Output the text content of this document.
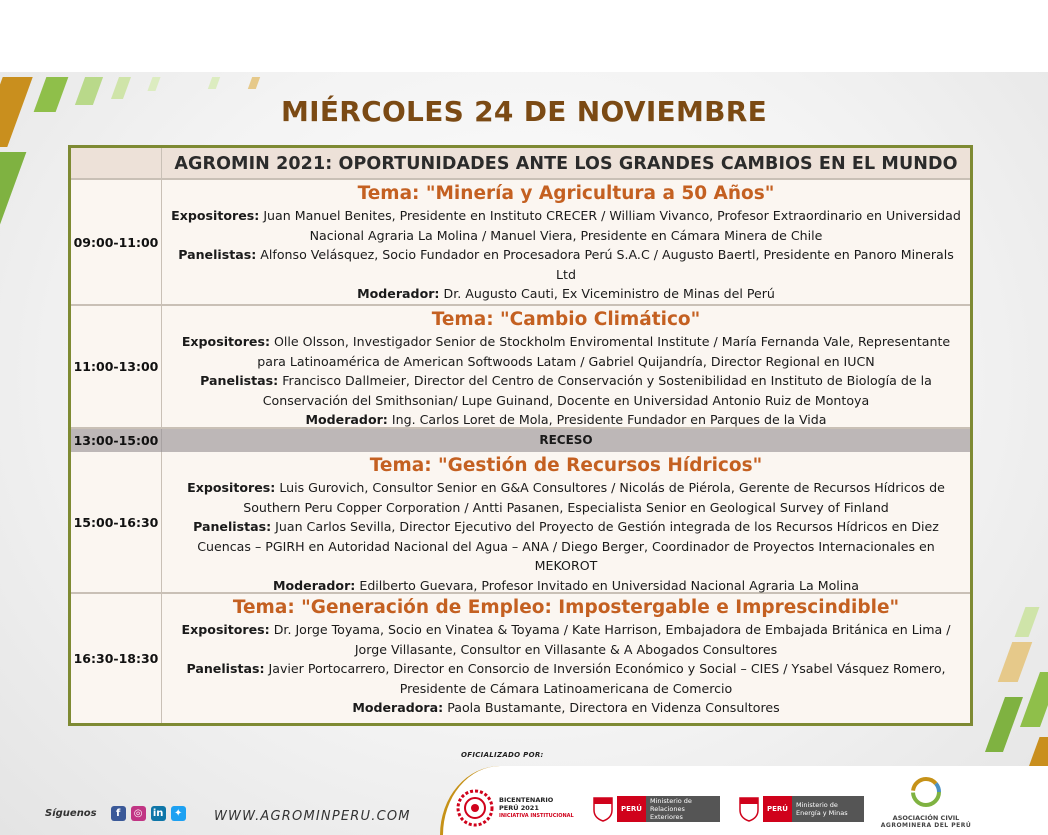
MIÉRCOLES 24 DE NOVIEMBRE
AGROMIN 2021: OPORTUNIDADES ANTE LOS GRANDES CAMBIOS EN EL MUNDO
09:00-11:00
Tema: "Minería y Agricultura a 50 Años"
Expositores: Juan Manuel Benites, Presidente en Instituto CRECER / William Vivanco, Profesor Extraordinario en Universidad Nacional Agraria La Molina / Manuel Viera, Presidente en Cámara Minera de Chile
Panelistas: Alfonso Velásquez, Socio Fundador en Procesadora Perú S.A.C / Augusto Baertl, Presidente en Panoro Minerals Ltd
Moderador: Dr. Augusto Cauti, Ex Viceministro de Minas del Perú
11:00-13:00
Tema: "Cambio Climático"
Expositores: Olle Olsson, Investigador Senior de Stockholm Enviromental Institute / María Fernanda Vale, Representante para Latinoamérica de American Softwoods Latam / Gabriel Quijandría, Director Regional en IUCN
Panelistas: Francisco Dallmeier, Director del Centro de Conservación y Sostenibilidad en Instituto de Biología de la Conservación del Smithsonian/ Lupe Guinand, Docente en Universidad Antonio Ruiz de Montoya
Moderador: Ing. Carlos Loret de Mola, Presidente Fundador en Parques de la Vida
13:00-15:00	RECESO
15:00-16:30
Tema: "Gestión de Recursos Hídricos"
Expositores: Luis Gurovich, Consultor Senior en G&A Consultores / Nicolás de Piérola, Gerente de Recursos Hídricos de Southern Peru Copper Corporation / Antti Pasanen, Especialista Senior en Geological Survey of Finland
Panelistas: Juan Carlos Sevilla, Director Ejecutivo del Proyecto de Gestión integrada de los Recursos Hídricos en Diez Cuencas – PGIRH en Autoridad Nacional del Agua – ANA / Diego Berger, Coordinador de Proyectos Internacionales en MEKOROT
Moderador: Edilberto Guevara, Profesor Invitado en Universidad Nacional Agraria La Molina
16:30-18:30
Tema: "Generación de Empleo: Impostergable e Imprescindible"
Expositores: Dr. Jorge Toyama, Socio en Vinatea & Toyama / Kate Harrison, Embajadora de Embajada Británica en Lima / Jorge Villasante, Consultor en Villasante & A Abogados Consultores
Panelistas: Javier Portocarrero, Director en Consorcio de Inversión Económico y Social – CIES / Ysabel Vásquez Romero, Presidente de Cámara Latinoamericana de Comercio
Moderadora: Paola Bustamante, Directora en Videnza Consultores
OFICIALIZADO POR:
Síguenos	f	◎	in	✦ WWW.AGROMINPERU.COM
BICENTENARIO
PERÚ 2021
INICIATIVA INSTITUCIONAL
PERÚ
Ministerio de Relaciones Exteriores
PERÚ	Ministerio de Energía y Minas
ASOCIACIÓN CIVIL
AGROMINERA DEL PERÚ
